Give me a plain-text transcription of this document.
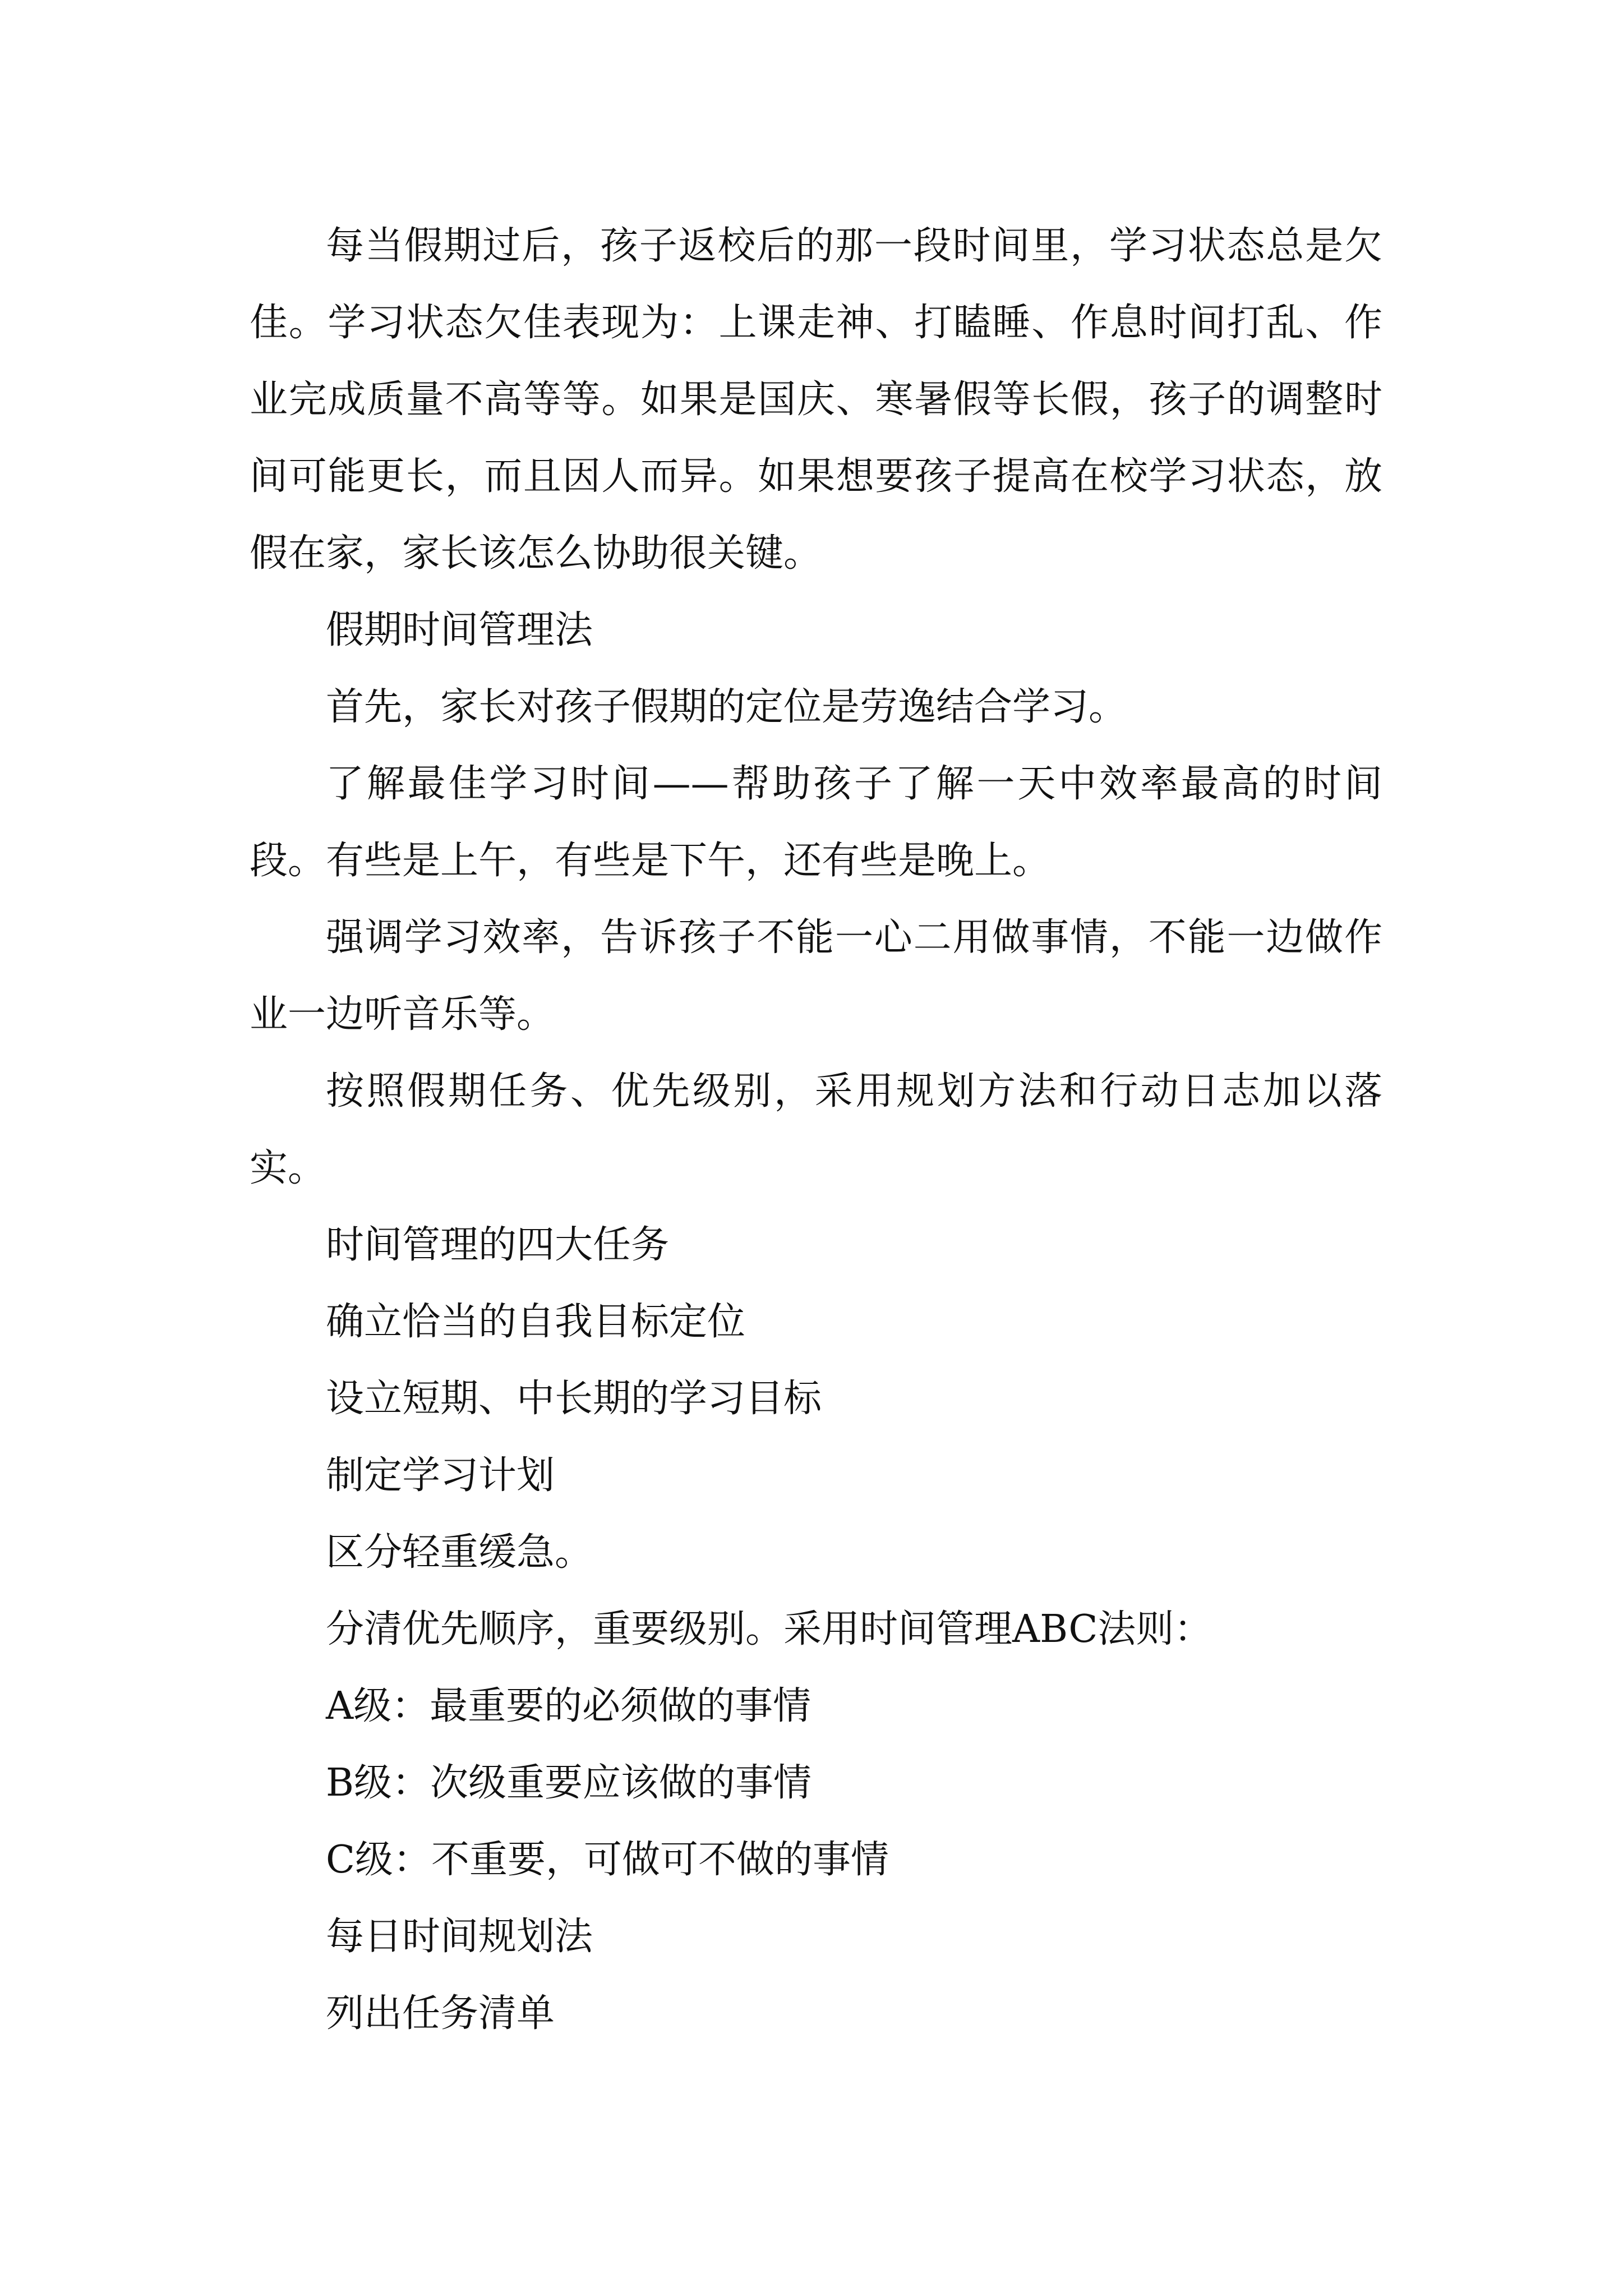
每当假期过后，孩子返校后的那一段时间里，学习状态总是欠佳。学习状态欠佳表现为：上课走神、打瞌睡、作息时间打乱、作业完成质量不高等等。如果是国庆、寒暑假等长假，孩子的调整时间可能更长，而且因人而异。如果想要孩子提高在校学习状态，放假在家，家长该怎么协助很关键。

假期时间管理法

首先，家长对孩子假期的定位是劳逸结合学习。

了解最佳学习时间——帮助孩子了解一天中效率最高的时间段。有些是上午，有些是下午，还有些是晚上。

强调学习效率，告诉孩子不能一心二用做事情，不能一边做作业一边听音乐等。

按照假期任务、优先级别，采用规划方法和行动日志加以落实。

时间管理的四大任务

确立恰当的自我目标定位

设立短期、中长期的学习目标

制定学习计划

区分轻重缓急。

分清优先顺序，重要级别。采用时间管理ABC法则：

A级：最重要的必须做的事情

B级：次级重要应该做的事情

C级：不重要，可做可不做的事情

每日时间规划法

列出任务清单
